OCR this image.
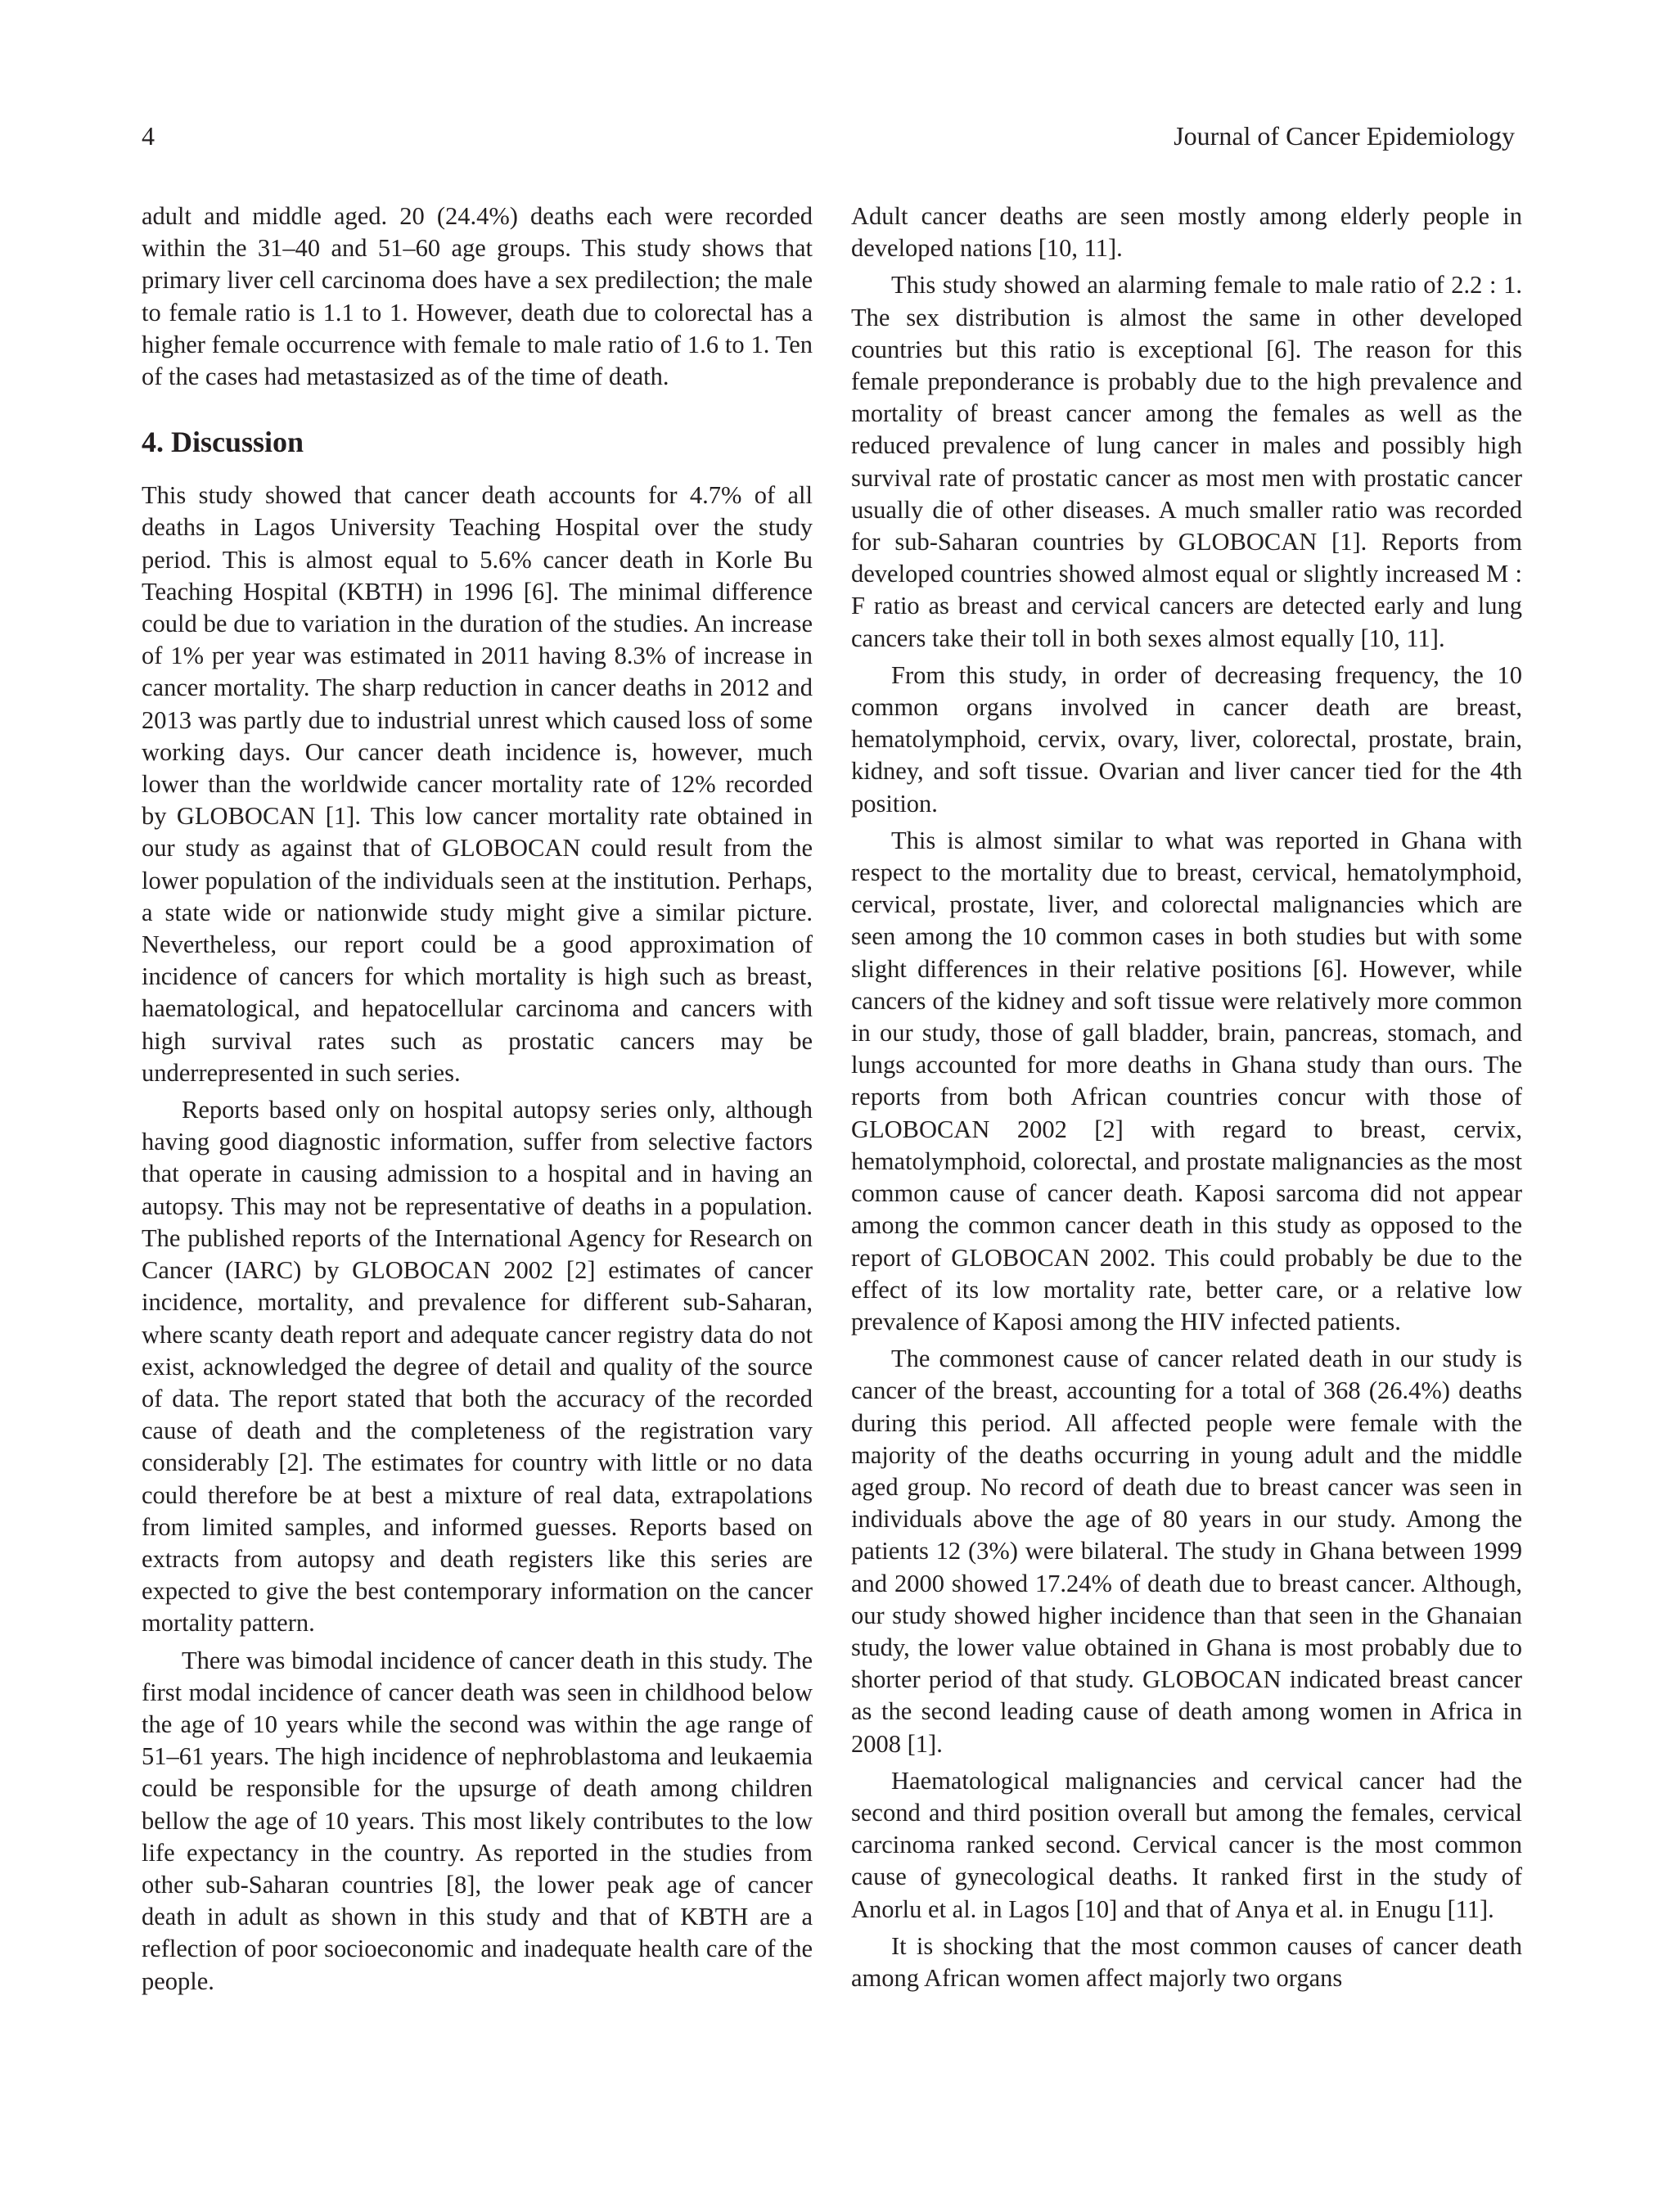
4	Journal of Cancer Epidemiology

adult and middle aged. 20 (24.4%) deaths each were recorded within the 31–40 and 51–60 age groups. This study shows that primary liver cell carcinoma does have a sex predilection; the male to female ratio is 1.1 to 1. However, death due to colorectal has a higher female occurrence with female to male ratio of 1.6 to 1. Ten of the cases had metastasized as of the time of death.

4. Discussion

This study showed that cancer death accounts for 4.7% of all deaths in Lagos University Teaching Hospital over the study period. This is almost equal to 5.6% cancer death in Korle Bu Teaching Hospital (KBTH) in 1996 [6]. The minimal difference could be due to variation in the duration of the studies. An increase of 1% per year was estimated in 2011 having 8.3% of increase in cancer mortality. The sharp reduction in cancer deaths in 2012 and 2013 was partly due to industrial unrest which caused loss of some working days. Our cancer death incidence is, however, much lower than the worldwide cancer mortality rate of 12% recorded by GLOBOCAN [1]. This low cancer mortality rate obtained in our study as against that of GLOBOCAN could result from the lower population of the individuals seen at the institution. Perhaps, a state wide or nationwide study might give a similar picture. Nevertheless, our report could be a good approximation of incidence of cancers for which mortality is high such as breast, haematological, and hepatocellular carcinoma and cancers with high survival rates such as prostatic cancers may be underrepresented in such series.

Reports based only on hospital autopsy series only, although having good diagnostic information, suffer from selective factors that operate in causing admission to a hospital and in having an autopsy. This may not be representative of deaths in a population. The published reports of the International Agency for Research on Cancer (IARC) by GLOBOCAN 2002 [2] estimates of cancer incidence, mortality, and prevalence for different sub-Saharan, where scanty death report and adequate cancer registry data do not exist, acknowledged the degree of detail and quality of the source of data. The report stated that both the accuracy of the recorded cause of death and the completeness of the registration vary considerably [2]. The estimates for country with little or no data could therefore be at best a mixture of real data, extrapolations from limited samples, and informed guesses. Reports based on extracts from autopsy and death registers like this series are expected to give the best contemporary information on the cancer mortality pattern.

There was bimodal incidence of cancer death in this study. The first modal incidence of cancer death was seen in childhood below the age of 10 years while the second was within the age range of 51–61 years. The high incidence of nephroblastoma and leukaemia could be responsible for the upsurge of death among children bellow the age of 10 years. This most likely contributes to the low life expectancy in the country. As reported in the studies from other sub-Saharan countries [8], the lower peak age of cancer death in adult as shown in this study and that of KBTH are a reflection of poor socioeconomic and inadequate health care of the people.

Adult cancer deaths are seen mostly among elderly people in developed nations [10, 11].

This study showed an alarming female to male ratio of 2.2 : 1. The sex distribution is almost the same in other developed countries but this ratio is exceptional [6]. The reason for this female preponderance is probably due to the high prevalence and mortality of breast cancer among the females as well as the reduced prevalence of lung cancer in males and possibly high survival rate of prostatic cancer as most men with prostatic cancer usually die of other diseases. A much smaller ratio was recorded for sub-Saharan countries by GLOBOCAN [1]. Reports from developed countries showed almost equal or slightly increased M : F ratio as breast and cervical cancers are detected early and lung cancers take their toll in both sexes almost equally [10, 11].

From this study, in order of decreasing frequency, the 10 common organs involved in cancer death are breast, hematolymphoid, cervix, ovary, liver, colorectal, prostate, brain, kidney, and soft tissue. Ovarian and liver cancer tied for the 4th position.

This is almost similar to what was reported in Ghana with respect to the mortality due to breast, cervical, hematolymphoid, cervical, prostate, liver, and colorectal malignancies which are seen among the 10 common cases in both studies but with some slight differences in their relative positions [6]. However, while cancers of the kidney and soft tissue were relatively more common in our study, those of gall bladder, brain, pancreas, stomach, and lungs accounted for more deaths in Ghana study than ours. The reports from both African countries concur with those of GLOBOCAN 2002 [2] with regard to breast, cervix, hematolymphoid, colorectal, and prostate malignancies as the most common cause of cancer death. Kaposi sarcoma did not appear among the common cancer death in this study as opposed to the report of GLOBOCAN 2002. This could probably be due to the effect of its low mortality rate, better care, or a relative low prevalence of Kaposi among the HIV infected patients.

The commonest cause of cancer related death in our study is cancer of the breast, accounting for a total of 368 (26.4%) deaths during this period. All affected people were female with the majority of the deaths occurring in young adult and the middle aged group. No record of death due to breast cancer was seen in individuals above the age of 80 years in our study. Among the patients 12 (3%) were bilateral. The study in Ghana between 1999 and 2000 showed 17.24% of death due to breast cancer. Although, our study showed higher incidence than that seen in the Ghanaian study, the lower value obtained in Ghana is most probably due to shorter period of that study. GLOBOCAN indicated breast cancer as the second leading cause of death among women in Africa in 2008 [1].

Haematological malignancies and cervical cancer had the second and third position overall but among the females, cervical carcinoma ranked second. Cervical cancer is the most common cause of gynecological deaths. It ranked first in the study of Anorlu et al. in Lagos [10] and that of Anya et al. in Enugu [11].

It is shocking that the most common causes of cancer death among African women affect majorly two organs
